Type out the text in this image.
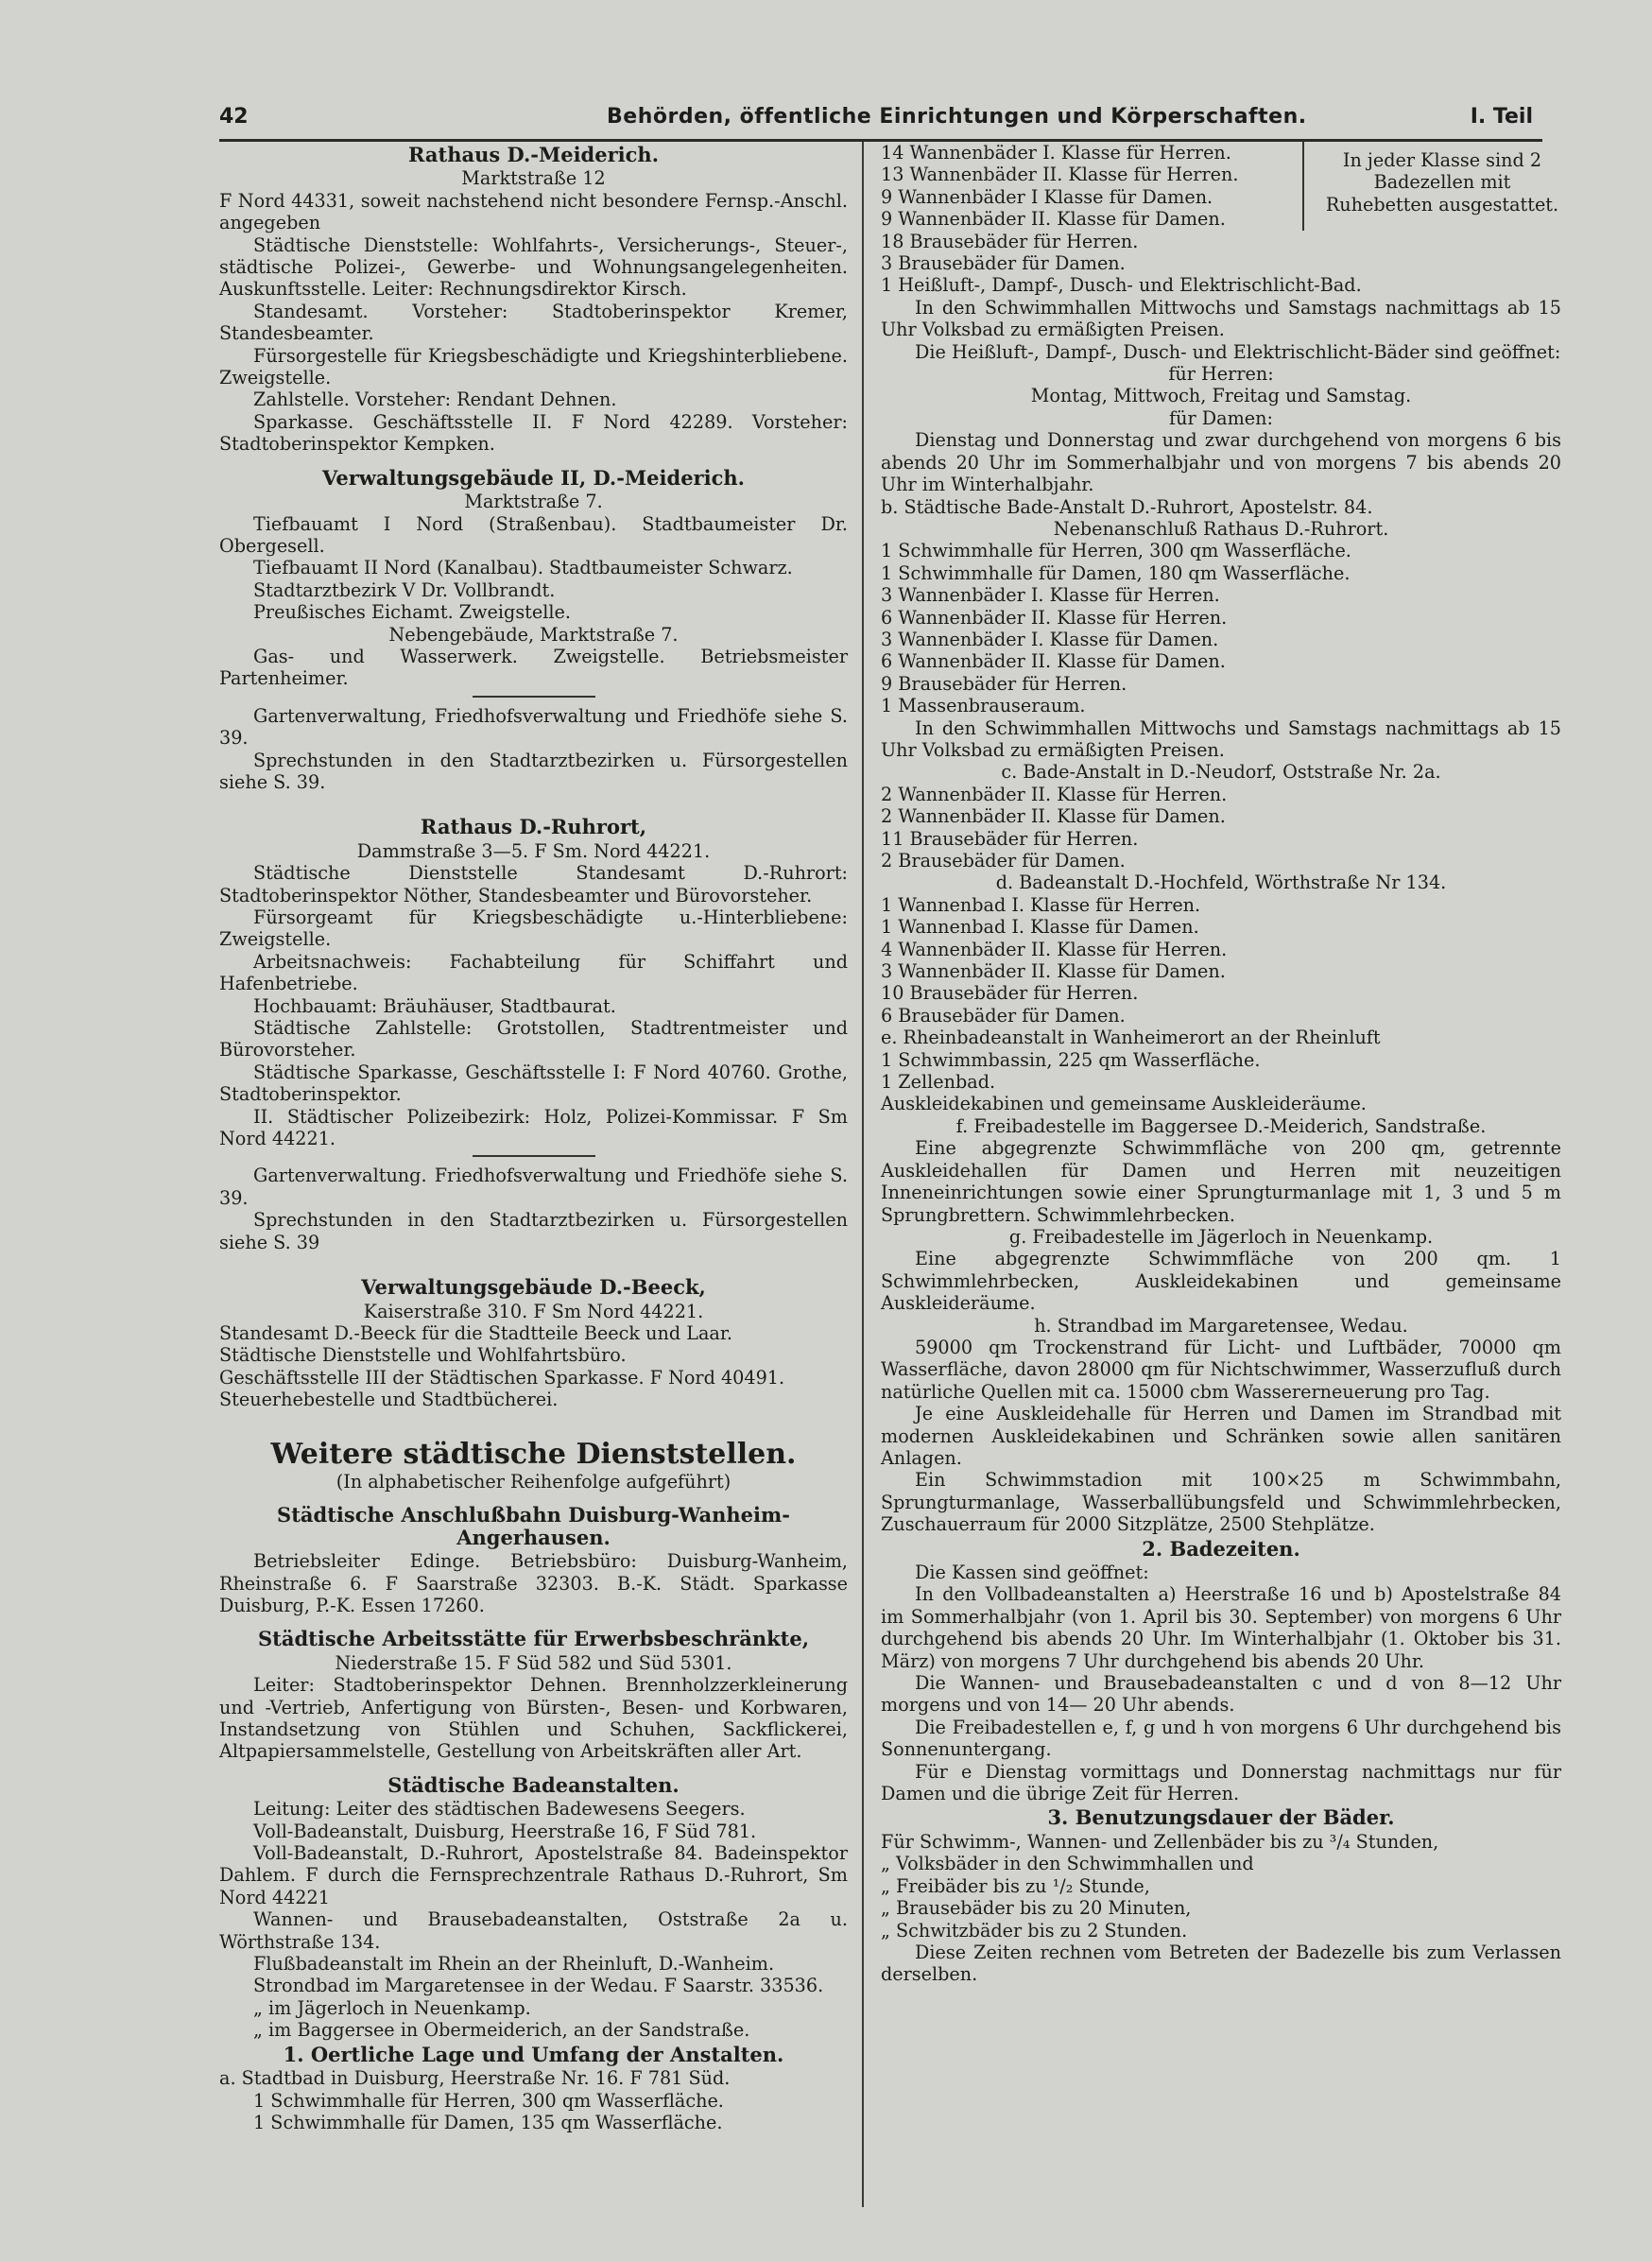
42	Behörden, öffentliche Einrichtungen und Körperschaften.	I. Teil
Rathaus D.-Meiderich.

Marktstraße 12

F Nord 44331, soweit nachstehend nicht besondere Fernsp.-Anschl. angegeben

Städtische Dienststelle: Wohlfahrts-, Versicherungs-, Steuer-, städtische Polizei-, Gewerbe- und Wohnungsangelegenheiten. Auskunftsstelle. Leiter: Rechnungsdirektor Kirsch.

Standesamt. Vorsteher: Stadtoberinspektor Kremer, Standesbeamter.

Fürsorgestelle für Kriegsbeschädigte und Kriegshinterbliebene. Zweigstelle.

Zahlstelle. Vorsteher: Rendant Dehnen.

Sparkasse. Geschäftsstelle II. F Nord 42289. Vorsteher: Stadtoberinspektor Kempken.

Verwaltungsgebäude II, D.-Meiderich.

Marktstraße 7.

Tiefbauamt I Nord (Straßenbau). Stadtbaumeister Dr. Obergesell.

Tiefbauamt II Nord (Kanalbau). Stadtbaumeister Schwarz.

Stadtarztbezirk V Dr. Vollbrandt.

Preußisches Eichamt. Zweigstelle.

Nebengebäude, Marktstraße 7.

Gas- und Wasserwerk. Zweigstelle. Betriebsmeister Partenheimer.

Gartenverwaltung, Friedhofsverwaltung und Friedhöfe siehe S. 39.

Sprechstunden in den Stadtarztbezirken u. Fürsorgestellen siehe S. 39.

Rathaus D.-Ruhrort,

Dammstraße 3—5. F Sm. Nord 44221.

Städtische Dienststelle Standesamt D.-Ruhrort: Stadtoberinspektor Nöther, Standesbeamter und Bürovorsteher.

Fürsorgeamt für Kriegsbeschädigte u.-Hinterbliebene: Zweigstelle.

Arbeitsnachweis: Fachabteilung für Schiffahrt und Hafenbetriebe.

Hochbauamt: Bräuhäuser, Stadtbaurat.

Städtische Zahlstelle: Grotstollen, Stadtrentmeister und Bürovorsteher.

Städtische Sparkasse, Geschäftsstelle I: F Nord 40760. Grothe, Stadtoberinspektor.

II. Städtischer Polizeibezirk: Holz, Polizei-Kommissar. F Sm Nord 44221.

Gartenverwaltung. Friedhofsverwaltung und Friedhöfe siehe S. 39.

Sprechstunden in den Stadtarztbezirken u. Fürsorgestellen siehe S. 39

Verwaltungsgebäude D.-Beeck,

Kaiserstraße 310. F Sm Nord 44221.

Standesamt D.-Beeck für die Stadtteile Beeck und Laar.

Städtische Dienststelle und Wohlfahrtsbüro.

Geschäftsstelle III der Städtischen Sparkasse. F Nord 40491.

Steuerhebestelle und Stadtbücherei.

Weitere städtische Dienststellen.

(In alphabetischer Reihenfolge aufgeführt)

Städtische Anschlußbahn Duisburg-Wanheim-Angerhausen.

Betriebsleiter Edinge. Betriebsbüro: Duisburg-Wanheim, Rheinstraße 6. F Saarstraße 32303. B.-K. Städt. Sparkasse Duisburg, P.-K. Essen 17260.

Städtische Arbeitsstätte für Erwerbsbeschränkte,

Niederstraße 15. F Süd 582 und Süd 5301.

Leiter: Stadtoberinspektor Dehnen. Brennholzzerkleinerung und -Vertrieb, Anfertigung von Bürsten-, Besen- und Korbwaren, Instandsetzung von Stühlen und Schuhen, Sackflickerei, Altpapiersammelstelle, Gestellung von Arbeitskräften aller Art.

Städtische Badeanstalten.

Leitung: Leiter des städtischen Badewesens Seegers.

Voll-Badeanstalt, Duisburg, Heerstraße 16, F Süd 781.

Voll-Badeanstalt, D.-Ruhrort, Apostelstraße 84. Badeinspektor Dahlem. F durch die Fernsprechzentrale Rathaus D.-Ruhrort, Sm Nord 44221

Wannen- und Brausebadeanstalten, Oststraße 2a u. Wörthstraße 134.

Flußbadeanstalt im Rhein an der Rheinluft, D.-Wanheim.

Strondbad im Margaretensee in der Wedau. F Saarstr. 33536.

„ im Jägerloch in Neuenkamp.

„ im Baggersee in Obermeiderich, an der Sandstraße.

1. Oertliche Lage und Umfang der Anstalten.

a. Stadtbad in Duisburg, Heerstraße Nr. 16. F 781 Süd.

1 Schwimmhalle für Herren, 300 qm Wasserfläche.

1 Schwimmhalle für Damen, 135 qm Wasserfläche.

14 Wannenbäder I. Klasse für Herren.
13 Wannenbäder II. Klasse für Herren.
9 Wannenbäder I Klasse für Damen.
9 Wannenbäder II. Klasse für Damen.
In jeder Klasse sind 2 Badezellen mit Ruhebetten ausgestattet.
18 Brausebäder für Herren.
3 Brausebäder für Damen.
1 Heißluft-, Dampf-, Dusch- und Elektrischlicht-Bad.

In den Schwimmhallen Mittwochs und Samstags nachmittags ab 15 Uhr Volksbad zu ermäßigten Preisen.

Die Heißluft-, Dampf-, Dusch- und Elektrischlicht-Bäder sind geöffnet:

für Herren:

Montag, Mittwoch, Freitag und Samstag.

für Damen:

Dienstag und Donnerstag und zwar durchgehend von morgens 6 bis abends 20 Uhr im Sommerhalbjahr und von morgens 7 bis abends 20 Uhr im Winterhalbjahr.

b. Städtische Bade-Anstalt D.-Ruhrort, Apostelstr. 84.

Nebenanschluß Rathaus D.-Ruhrort.

1 Schwimmhalle für Herren, 300 qm Wasserfläche.
1 Schwimmhalle für Damen, 180 qm Wasserfläche.
3 Wannenbäder I. Klasse für Herren.
6 Wannenbäder II. Klasse für Herren.
3 Wannenbäder I. Klasse für Damen.
6 Wannenbäder II. Klasse für Damen.
9 Brausebäder für Herren.
1 Massenbrauseraum.

In den Schwimmhallen Mittwochs und Samstags nachmittags ab 15 Uhr Volksbad zu ermäßigten Preisen.

c. Bade-Anstalt in D.-Neudorf, Oststraße Nr. 2a.

2 Wannenbäder II. Klasse für Herren.
2 Wannenbäder II. Klasse für Damen.
11 Brausebäder für Herren.
2 Brausebäder für Damen.

d. Badeanstalt D.-Hochfeld, Wörthstraße Nr 134.

1 Wannenbad I. Klasse für Herren.
1 Wannenbad I. Klasse für Damen.
4 Wannenbäder II. Klasse für Herren.
3 Wannenbäder II. Klasse für Damen.
10 Brausebäder für Herren.
6 Brausebäder für Damen.

e. Rheinbadeanstalt in Wanheimerort an der Rheinluft

1 Schwimmbassin, 225 qm Wasserfläche.
1 Zellenbad.
Auskleidekabinen und gemeinsame Auskleideräume.

f. Freibadestelle im Baggersee D.-Meiderich, Sandstraße.

Eine abgegrenzte Schwimmfläche von 200 qm, getrennte Auskleidehallen für Damen und Herren mit neuzeitigen Inneneinrichtungen sowie einer Sprungturmanlage mit 1, 3 und 5 m Sprungbrettern. Schwimmlehrbecken.

g. Freibadestelle im Jägerloch in Neuenkamp.

Eine abgegrenzte Schwimmfläche von 200 qm. 1 Schwimmlehrbecken, Auskleidekabinen und gemeinsame Auskleideräume.

h. Strandbad im Margaretensee, Wedau.

59000 qm Trockenstrand für Licht- und Luftbäder, 70000 qm Wasserfläche, davon 28000 qm für Nichtschwimmer, Wasserzufluß durch natürliche Quellen mit ca. 15000 cbm Wassererneuerung pro Tag.

Je eine Auskleidehalle für Herren und Damen im Strandbad mit modernen Auskleidekabinen und Schränken sowie allen sanitären Anlagen.

Ein Schwimmstadion mit 100×25 m Schwimmbahn, Sprungturmanlage, Wasserballübungsfeld und Schwimmlehrbecken, Zuschauerraum für 2000 Sitzplätze, 2500 Stehplätze.

2. Badezeiten.

Die Kassen sind geöffnet:

In den Vollbadeanstalten a) Heerstraße 16 und b) Apostelstraße 84 im Sommerhalbjahr (von 1. April bis 30. September) von morgens 6 Uhr durchgehend bis abends 20 Uhr. Im Winterhalbjahr (1. Oktober bis 31. März) von morgens 7 Uhr durchgehend bis abends 20 Uhr.

Die Wannen- und Brausebadeanstalten c und d von 8—12 Uhr morgens und von 14— 20 Uhr abends.

Die Freibadestellen e, f, g und h von morgens 6 Uhr durchgehend bis Sonnenuntergang.

Für e Dienstag vormittags und Donnerstag nachmittags nur für Damen und die übrige Zeit für Herren.

3. Benutzungsdauer der Bäder.
Für Schwimm-, Wannen- und Zellenbäder bis zu ³/₄ Stunden,
„ Volksbäder in den Schwimmhallen und
„ Freibäder bis zu ¹/₂ Stunde,
„ Brausebäder bis zu 20 Minuten,
„ Schwitzbäder bis zu 2 Stunden.

Diese Zeiten rechnen vom Betreten der Badezelle bis zum Verlassen derselben.
